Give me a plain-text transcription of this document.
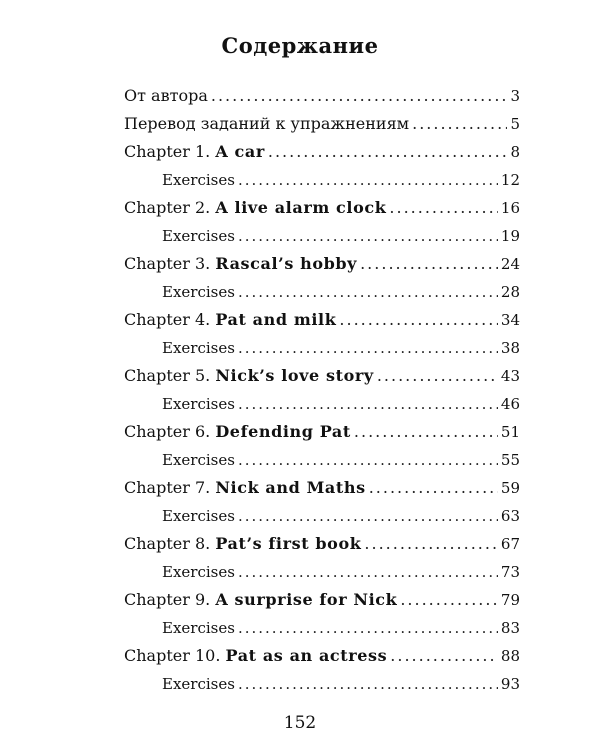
Содержание
От автора .....	3
Перевод заданий к упражнениям .....	5
Chapter 1. A car .....	8
Exercises .....	12
Chapter 2. A live alarm clock .....	16
Exercises .....	19
Chapter 3. Rascal’s hobby .....	24
Exercises .....	28
Chapter 4. Pat and milk .....	34
Exercises .....	38
Chapter 5. Nick’s love story .....	43
Exercises .....	46
Chapter 6. Defending Pat .....	51
Exercises .....	55
Chapter 7. Nick and Maths .....	59
Exercises .....	63
Chapter 8. Pat’s first book .....	67
Exercises .....	73
Chapter 9. A surprise for Nick .....	79
Exercises .....	83
Chapter 10. Pat as an actress .....	88
Exercises .....	93
152
